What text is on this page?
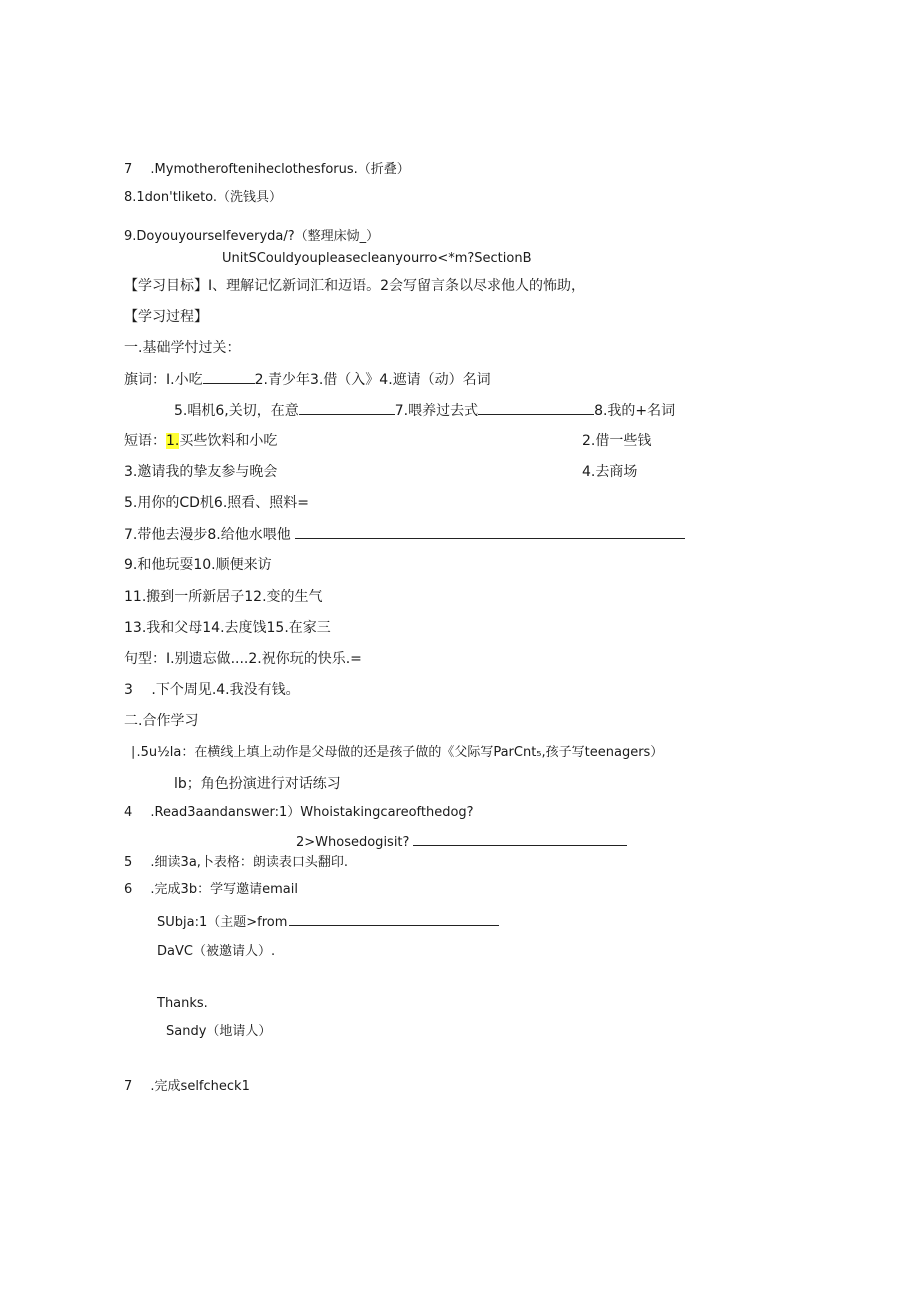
7 .Mymotherofteniheclothesforus.（折叠）
8.1don'tliketo.（洗钱具）
9.Doyouyourselfeveryda/?（整理床恸_）
UnitSCouldyoupleasecleanyourro<*m?SectionB
【学习目标】I、理解记忆新词汇和迈语。2会写留言条以尽求他人的怖助，
【学习过程】
一.基础学忖过关：
旗词：I.小吃	2.青少年3.借（入》4.遮请（动）名词
5.唱机6,关切，在意	7.喂养过去式	8.我的+名词
短语：1.买些饮料和小吃	2.借一些钱
3.邀请我的挚友参与晚会	4.去商场
5.用你的CD机6.照看、照料=
7.带他去漫步8.给他水喂他
9.和他玩耍10.顺便来访
11.搬到一所新居子12.变的生气
13.我和父母14.去度饯15.在家三
句型：I.别遗忘做....2.祝你玩的快乐.=
3 .下个周见.4.我没有钱。
二.合作学习
∣.5u½la：在横线上填上动作是父母做的还是孩子做的《父际写ParCnt₅,孩子写teenagers）
lb；角色扮演进行对话练习
4 .Read3aandanswer:1）Whoistakingcareofthedog?
2>Whosedogisit?
5 .细读3a,卜表格：朗读表口头翻印.
6 .完成3b：学写邀请email
SUbja:1（主题>from
DaVC（被邀请人）.
Thanks.
Sandy（地请人）
7 .完成selfcheck1
